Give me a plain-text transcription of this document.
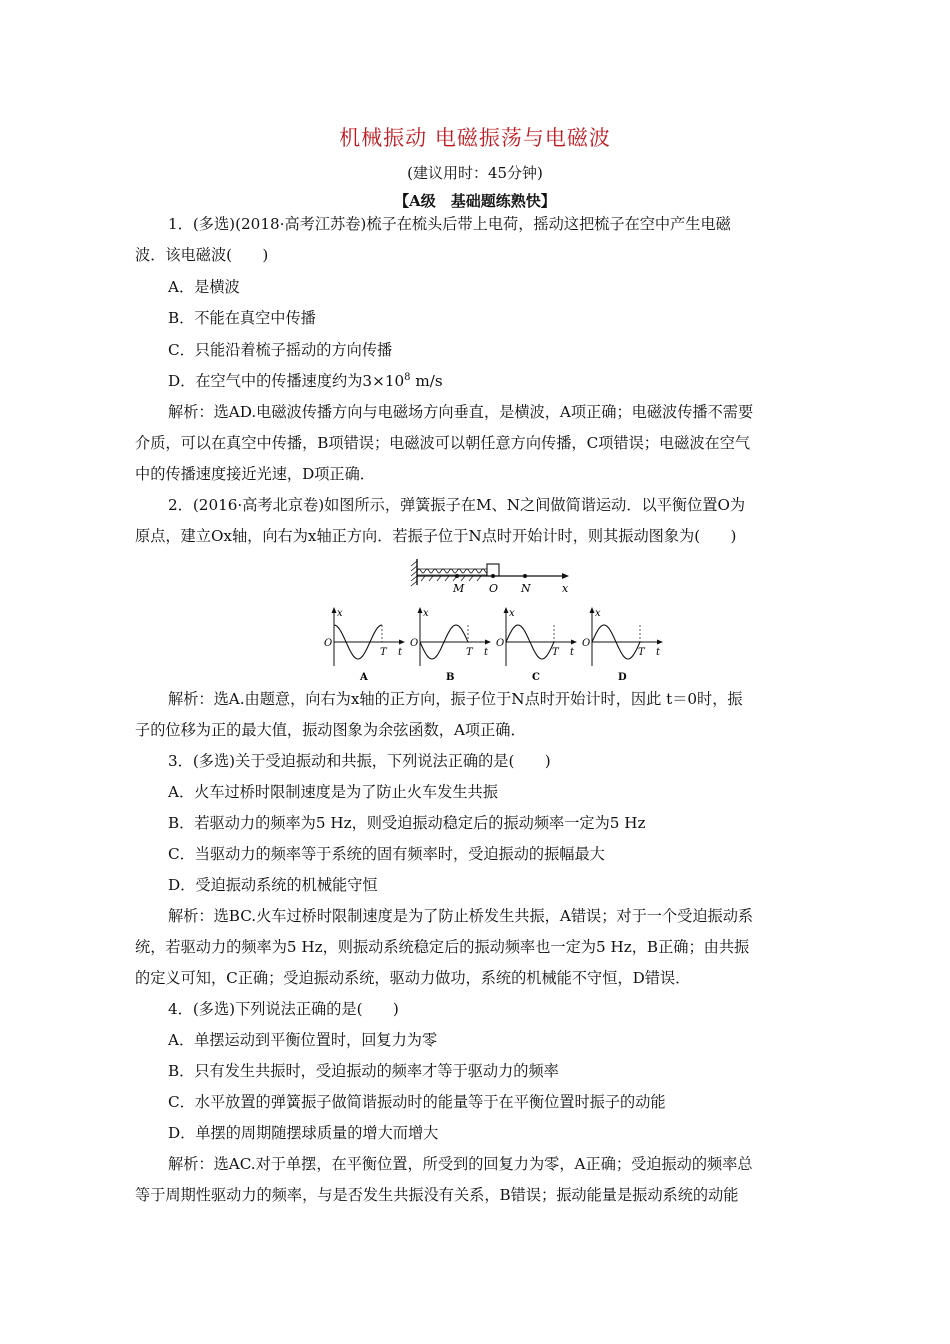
机械振动 电磁振荡与电磁波
(建议用时：45分钟)
【A级　基础题练熟快】
1．(多选)(2018·高考江苏卷)梳子在梳头后带上电荷，摇动这把梳子在空中产生电磁
波．该电磁波(　　)
A．是横波
B．不能在真空中传播
C．只能沿着梳子摇动的方向传播
D．在空气中的传播速度约为$3\times 10^8$ m/s
解析：选AD.电磁波传播方向与电磁场方向垂直，是横波，A项正确；电磁波传播不需要
介质，可以在真空中传播，B项错误；电磁波可以朝任意方向传播，C项错误；电磁波在空气
中的传播速度接近光速，D项正确．
2．(2016·高考北京卷)如图所示，弹簧振子在M、N之间做简谐运动．以平衡位置O为
原点，建立Ox轴，向右为x轴正方向．若振子位于N点时开始计时，则其振动图象为(　　)
M O N	x
x
O
T t
A
x
O
T t
B
x
O
T t
C
x
O
T t
D
解析：选A.由题意，向右为x轴的正方向，振子位于N点时开始计时，因此 t＝0时，振
子的位移为正的最大值，振动图象为余弦函数，A项正确．
3．(多选)关于受迫振动和共振，下列说法正确的是(　　)
A．火车过桥时限制速度是为了防止火车发生共振
B．若驱动力的频率为5 Hz，则受迫振动稳定后的振动频率一定为5 Hz
C．当驱动力的频率等于系统的固有频率时，受迫振动的振幅最大
D．受迫振动系统的机械能守恒
解析：选BC.火车过桥时限制速度是为了防止桥发生共振，A错误；对于一个受迫振动系
统，若驱动力的频率为5 Hz，则振动系统稳定后的振动频率也一定为5 Hz，B正确；由共振
的定义可知，C正确；受迫振动系统，驱动力做功，系统的机械能不守恒，D错误．
4．(多选)下列说法正确的是(　　)
A．单摆运动到平衡位置时，回复力为零
B．只有发生共振时，受迫振动的频率才等于驱动力的频率
C．水平放置的弹簧振子做简谐振动时的能量等于在平衡位置时振子的动能
D．单摆的周期随摆球质量的增大而增大
解析：选AC.对于单摆，在平衡位置，所受到的回复力为零，A正确；受迫振动的频率总
等于周期性驱动力的频率，与是否发生共振没有关系，B错误；振动能量是振动系统的动能
